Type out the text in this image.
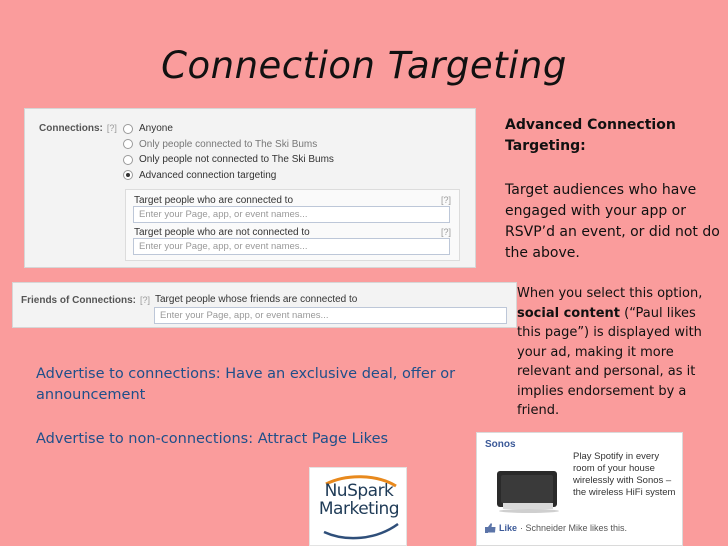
Connection Targeting
Connections: [?] Anyone
Only people connected to The Ski Bums
Only people not connected to The Ski Bums
Advanced connection targeting
Target people who are connected to	[?]
Enter your Page, app, or event names...
Target people who are not connected to	[?]
Enter your Page, app, or event names...
Friends of Connections: [?] Target people whose friends are connected to
Enter your Page, app, or event names...
Advanced Connection Targeting:
Target audiences who have engaged with your app or RSVP’d an event, or did not do the above.
When you select this option, social content (“Paul likes this page”) is displayed with your ad, making it more relevant and personal, as it implies endorsement by a friend.
Advertise to connections: Have an exclusive deal, offer or announcement
Advertise to non-connections: Attract Page Likes
NuSpark
Marketing
Sonos
Play Spotify in every room of your house wirelessly with Sonos – the wireless HiFi system
Like · Schneider Mike likes this.
